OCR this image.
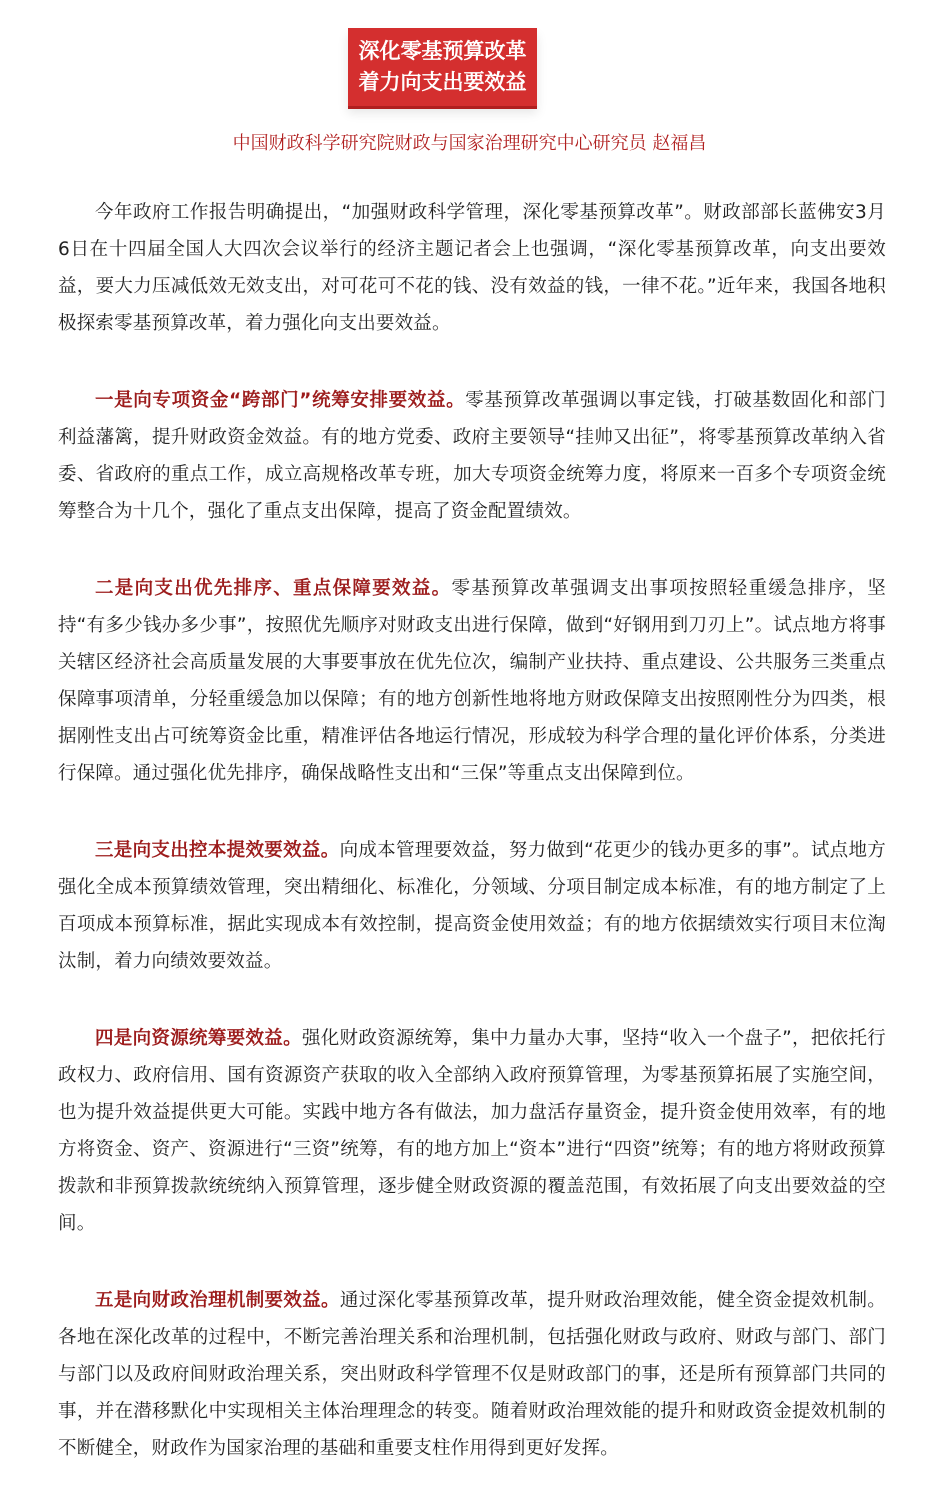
深化零基预算改革
着力向支出要效益
中国财政科学研究院财政与国家治理研究中心研究员 赵福昌

今年政府工作报告明确提出，“加强财政科学管理，深化零基预算改革”。财政部部长蓝佛安3月6日在十四届全国人大四次会议举行的经济主题记者会上也强调，“深化零基预算改革，向支出要效益，要大力压减低效无效支出，对可花可不花的钱、没有效益的钱，一律不花。”近年来，我国各地积极探索零基预算改革，着力强化向支出要效益。

一是向专项资金“跨部门”统筹安排要效益。零基预算改革强调以事定钱，打破基数固化和部门利益藩篱，提升财政资金效益。有的地方党委、政府主要领导“挂帅又出征”，将零基预算改革纳入省委、省政府的重点工作，成立高规格改革专班，加大专项资金统筹力度，将原来一百多个专项资金统筹整合为十几个，强化了重点支出保障，提高了资金配置绩效。

二是向支出优先排序、重点保障要效益。零基预算改革强调支出事项按照轻重缓急排序，坚持“有多少钱办多少事”，按照优先顺序对财政支出进行保障，做到“好钢用到刀刃上”。试点地方将事关辖区经济社会高质量发展的大事要事放在优先位次，编制产业扶持、重点建设、公共服务三类重点保障事项清单，分轻重缓急加以保障；有的地方创新性地将地方财政保障支出按照刚性分为四类，根据刚性支出占可统筹资金比重，精准评估各地运行情况，形成较为科学合理的量化评价体系，分类进行保障。通过强化优先排序，确保战略性支出和“三保”等重点支出保障到位。

三是向支出控本提效要效益。向成本管理要效益，努力做到“花更少的钱办更多的事”。试点地方强化全成本预算绩效管理，突出精细化、标准化，分领域、分项目制定成本标准，有的地方制定了上百项成本预算标准，据此实现成本有效控制，提高资金使用效益；有的地方依据绩效实行项目末位淘汰制，着力向绩效要效益。

四是向资源统筹要效益。强化财政资源统筹，集中力量办大事，坚持“收入一个盘子”，把依托行政权力、政府信用、国有资源资产获取的收入全部纳入政府预算管理，为零基预算拓展了实施空间，也为提升效益提供更大可能。实践中地方各有做法，加力盘活存量资金，提升资金使用效率，有的地方将资金、资产、资源进行“三资”统筹，有的地方加上“资本”进行“四资”统筹；有的地方将财政预算拨款和非预算拨款统统纳入预算管理，逐步健全财政资源的覆盖范围，有效拓展了向支出要效益的空间。

五是向财政治理机制要效益。通过深化零基预算改革，提升财政治理效能，健全资金提效机制。各地在深化改革的过程中，不断完善治理关系和治理机制，包括强化财政与政府、财政与部门、部门与部门以及政府间财政治理关系，突出财政科学管理不仅是财政部门的事，还是所有预算部门共同的事，并在潜移默化中实现相关主体治理理念的转变。随着财政治理效能的提升和财政资金提效机制的不断健全，财政作为国家治理的基础和重要支柱作用得到更好发挥。
